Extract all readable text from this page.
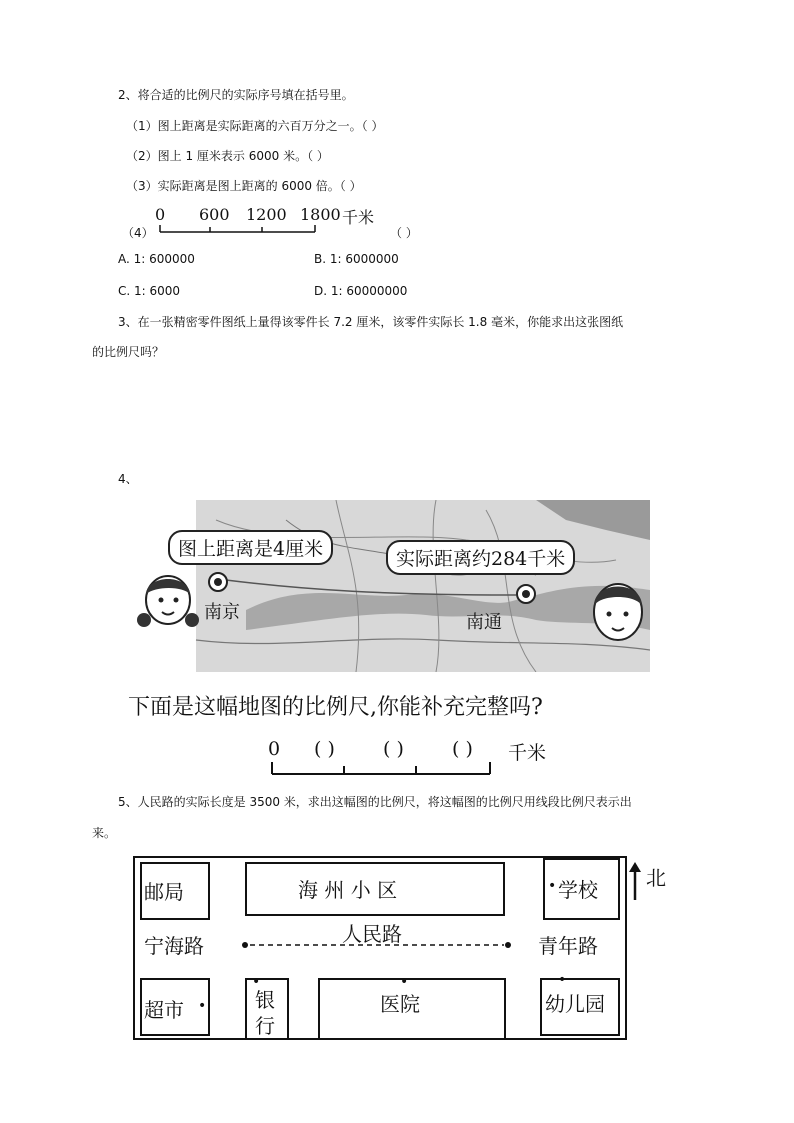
2、将合适的比例尺的实际序号填在括号里。
（1）图上距离是实际距离的六百万分之一。（ ）
（2）图上 1 厘米表示 6000 米。（ ）
（3）实际距离是图上距离的 6000 倍。（ ）
（4）
0 600 1200 1800 千米
（ ）
A. 1: 600000	B. 1: 6000000
C. 1: 6000	D. 1: 60000000
3、在一张精密零件图纸上量得该零件长 7.2 厘米，该零件实际长 1.8 毫米，你能求出这张图纸
的比例尺吗？
4、
图上距离是4厘米	实际距离约284千米
南京	南通
下面是这幅地图的比例尺,你能补充完整吗?
0 ( )	( )	( ) 千米
5、人民路的实际长度是 3500 米，求出这幅图的比例尺，将这幅图的比例尺用线段比例尺表示出
来。
邮局	海 州 小 区	学校
•	北
宁海路	人民路	青年路
超市 • 银
行
•
医院
•
幼儿园
•
